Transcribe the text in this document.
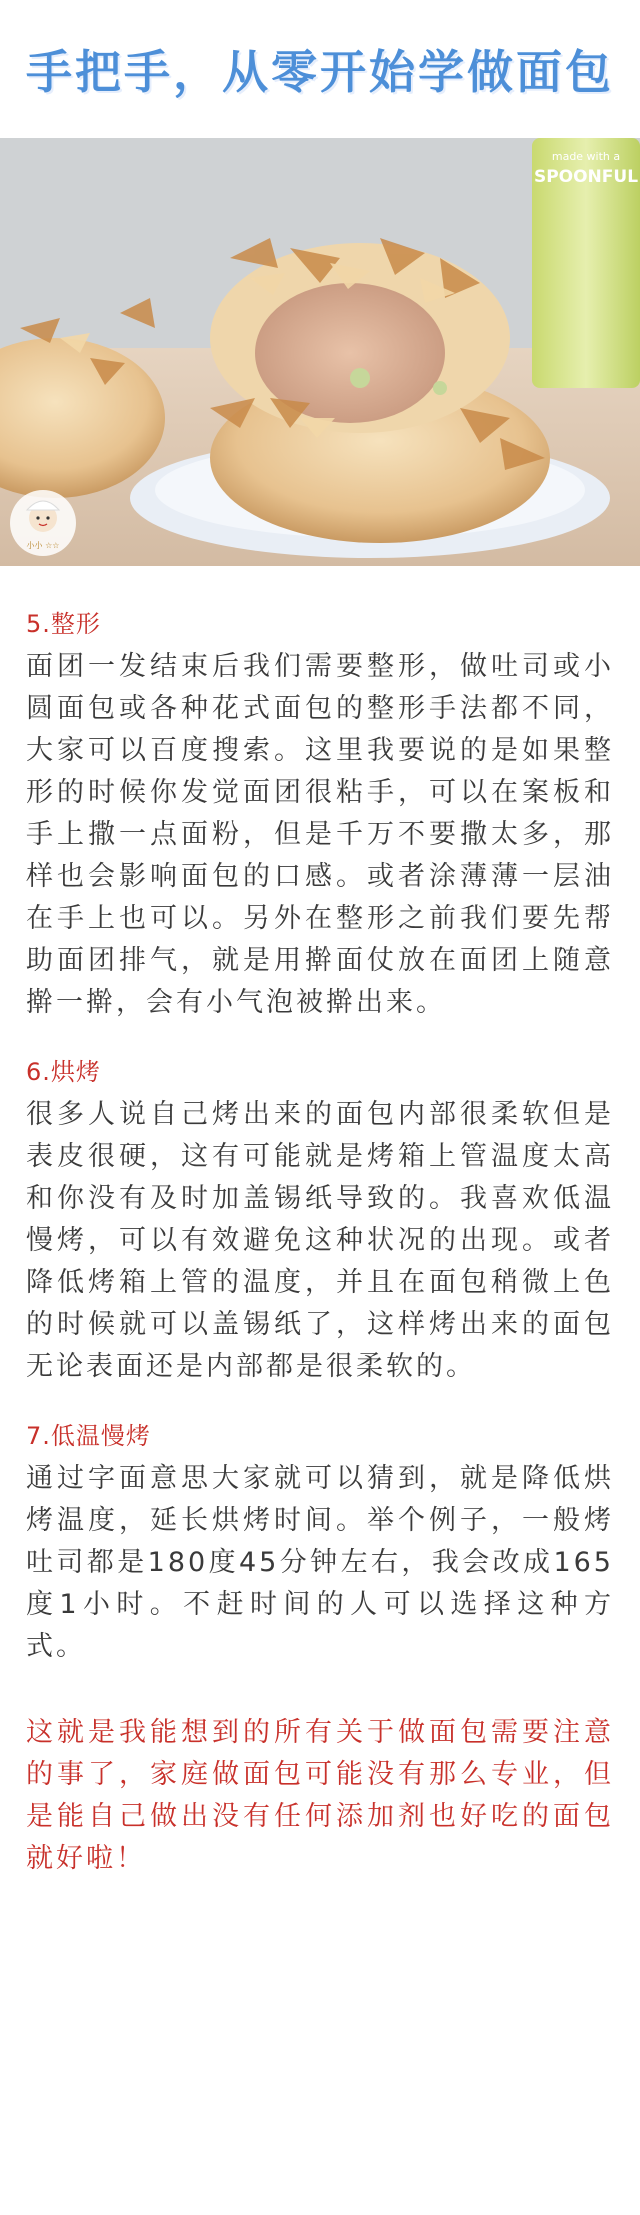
手把手，从零开始学做面包
made with a
SPOONFUL
小小 ☆☆
5.整形
面团一发结束后我们需要整形，做吐司或小圆面包或各种花式面包的整形手法都不同，大家可以百度搜索。这里我要说的是如果整形的时候你发觉面团很粘手，可以在案板和手上撒一点面粉，但是千万不要撒太多，那样也会影响面包的口感。或者涂薄薄一层油在手上也可以。另外在整形之前我们要先帮助面团排气，就是用擀面仗放在面团上随意擀一擀，会有小气泡被擀出来。
6.烘烤
很多人说自己烤出来的面包内部很柔软但是表皮很硬，这有可能就是烤箱上管温度太高和你没有及时加盖锡纸导致的。我喜欢低温慢烤，可以有效避免这种状况的出现。或者降低烤箱上管的温度，并且在面包稍微上色的时候就可以盖锡纸了，这样烤出来的面包无论表面还是内部都是很柔软的。
7.低温慢烤
通过字面意思大家就可以猜到，就是降低烘烤温度，延长烘烤时间。举个例子，一般烤吐司都是180度45分钟左右，我会改成165度1小时。不赶时间的人可以选择这种方式。
这就是我能想到的所有关于做面包需要注意的事了，家庭做面包可能没有那么专业，但是能自己做出没有任何添加剂也好吃的面包就好啦！
